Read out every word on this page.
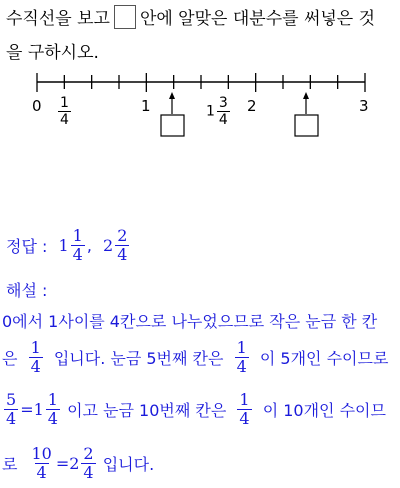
수직선을 보고 안에 알맞은 대분수를 써넣은 것
을 구하시오.
$0 \frac{1}{4}$	1	$1 \frac{3}{4} 2$	3
정답 : $1 \frac{1}{4}$ , $2 \frac{2}{4}$
해설 :
0에서 1사이를 4칸으로 나누었으므로 작은 눈금 한 칸
은 $\frac{1}{4}$ 입니다. 눈금 5번째 칸은 $\frac{1}{4}$ 이 5개인 수이므로
$\frac{5}{4} =1 \frac{1}{4}$ 이고 눈금 10번째 칸은 $\frac{1}{4}$ 이 10개인 수이므
로 $\frac{10}{4} =2 \frac{2}{4}$ 입니다.
